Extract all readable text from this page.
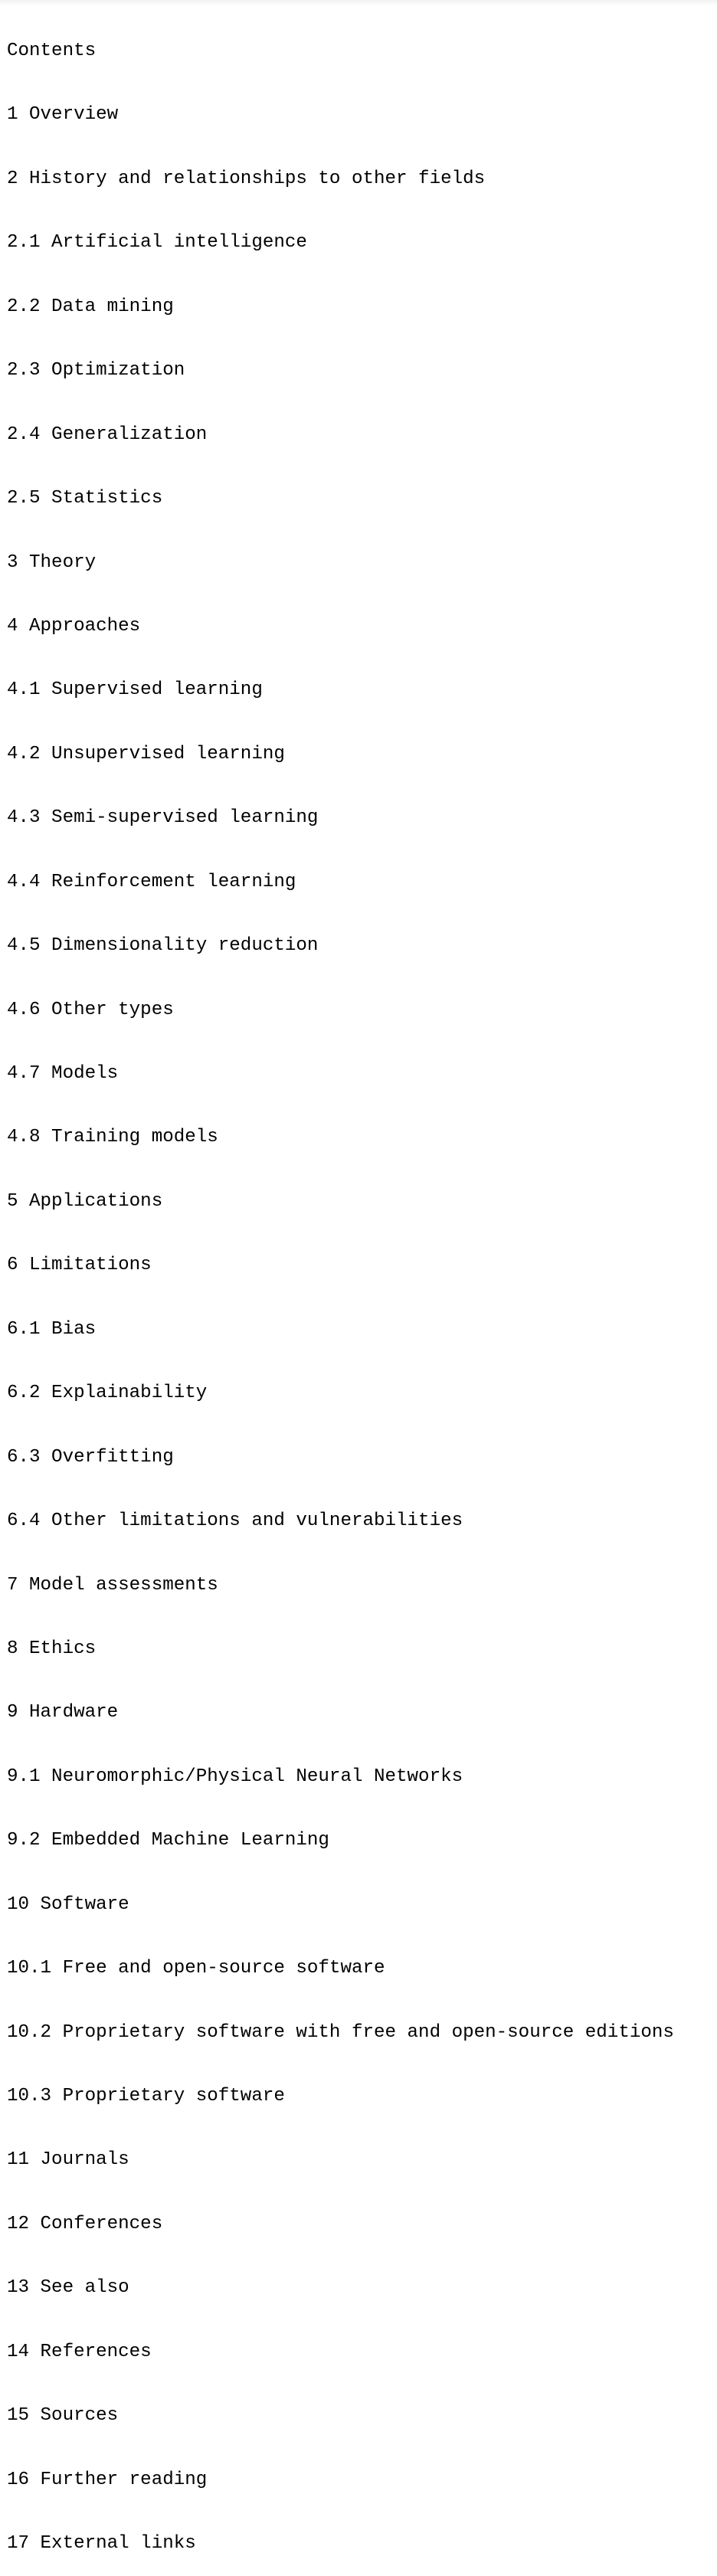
Contents

1 Overview

2 History and relationships to other fields

2.1 Artificial intelligence

2.2 Data mining

2.3 Optimization

2.4 Generalization

2.5 Statistics

3 Theory

4 Approaches

4.1 Supervised learning

4.2 Unsupervised learning

4.3 Semi-supervised learning

4.4 Reinforcement learning

4.5 Dimensionality reduction

4.6 Other types

4.7 Models

4.8 Training models

5 Applications

6 Limitations

6.1 Bias

6.2 Explainability

6.3 Overfitting

6.4 Other limitations and vulnerabilities

7 Model assessments

8 Ethics

9 Hardware

9.1 Neuromorphic/Physical Neural Networks

9.2 Embedded Machine Learning

10 Software

10.1 Free and open-source software

10.2 Proprietary software with free and open-source editions

10.3 Proprietary software

11 Journals

12 Conferences

13 See also

14 References

15 Sources

16 Further reading

17 External links
